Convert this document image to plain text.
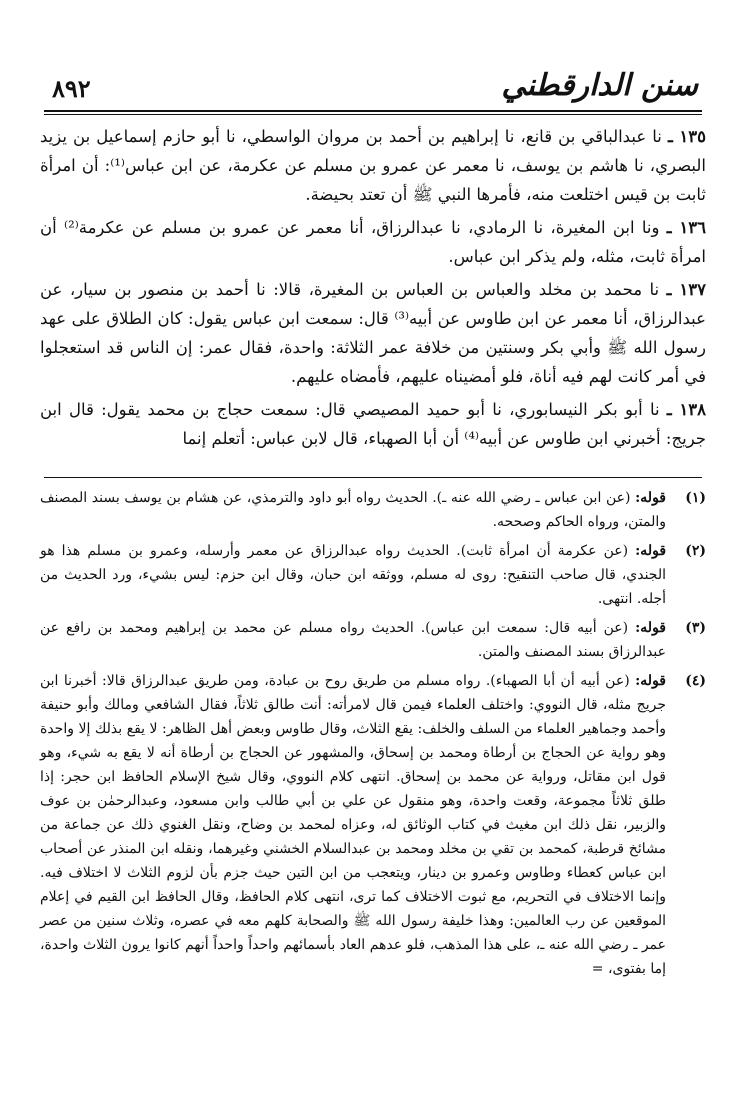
سنن الدارقطني
٨٩٢

١٣٥ ـ نا عبدالباقي بن قانع، نا إبراهيم بن أحمد بن مروان الواسطي، نا أبو حازم إسماعيل بن يزيد البصري، نا هاشم بن يوسف، نا معمر عن عمرو بن مسلم عن عكرمة، عن ابن عباس⁽¹⁾: أن امرأة ثابت بن قيس اختلعت منه، فأمرها النبي ﷺ أن تعتد بحيضة.

١٣٦ ـ ونا ابن المغيرة، نا الرمادي، نا عبدالرزاق، أنا معمر عن عمرو بن مسلم عن عكرمة⁽²⁾ أن امرأة ثابت، مثله، ولم يذكر ابن عباس.

١٣٧ ـ نا محمد بن مخلد والعباس بن العباس بن المغيرة، قالا: نا أحمد بن منصور بن سيار، عن عبدالرزاق، أنا معمر عن ابن طاوس عن أبيه⁽³⁾ قال: سمعت ابن عباس يقول: كان الطلاق على عهد رسول الله ﷺ وأبي بكر وسنتين من خلافة عمر الثلاثة: واحدة، فقال عمر: إن الناس قد استعجلوا في أمر كانت لهم فيه أناة، فلو أمضيناه عليهم، فأمضاه عليهم.

١٣٨ ـ نا أبو بكر النيسابوري، نا أبو حميد المصيصي قال: سمعت حجاج بن محمد يقول: قال ابن جريج: أخبرني ابن طاوس عن أبيه⁽⁴⁾ أن أبا الصهباء، قال لابن عباس: أتعلم إنما

(١)
قوله: (عن ابن عباس ـ رضي الله عنه ـ). الحديث رواه أبو داود والترمذي، عن هشام بن يوسف بسند المصنف والمتن، ورواه الحاكم وصححه.
(٢)
قوله: (عن عكرمة أن امرأة ثابت). الحديث رواه عبدالرزاق عن معمر وأرسله، وعمرو بن مسلم هذا هو الجندي، قال صاحب التنقيح: روى له مسلم، ووثقه ابن حبان، وقال ابن حزم: ليس بشيء، ورد الحديث من أجله. انتهى.
(٣)
قوله: (عن أبيه قال: سمعت ابن عباس). الحديث رواه مسلم عن محمد بن إبراهيم ومحمد بن رافع عن عبدالرزاق بسند المصنف والمتن.
(٤)
قوله: (عن أبيه أن أبا الصهباء). رواه مسلم من طريق روح بن عبادة، ومن طريق عبدالرزاق قالا: أخبرنا ابن جريج مثله، قال النووي: واختلف العلماء فيمن قال لامرأته: أنت طالق ثلاثاً، فقال الشافعي ومالك وأبو حنيفة وأحمد وجماهير العلماء من السلف والخلف: يقع الثلاث، وقال طاوس وبعض أهل الظاهر: لا يقع بذلك إلا واحدة وهو رواية عن الحجاج بن أرطاة ومحمد بن إسحاق، والمشهور عن الحجاج بن أرطاة أنه لا يقع به شيء، وهو قول ابن مقاتل، ورواية عن محمد بن إسحاق. انتهى كلام النووي، وقال شيخ الإسلام الحافظ ابن حجر: إذا طلق ثلاثاً مجموعة، وقعت واحدة، وهو منقول عن علي بن أبي طالب وابن مسعود، وعبدالرحمٰن بن عوف والزبير، نقل ذلك ابن مغيث في كتاب الوثائق له، وعزاه لمحمد بن وضاح، ونقل الغنوي ذلك عن جماعة من مشائخ قرطبة، كمحمد بن تقي بن مخلد ومحمد بن عبدالسلام الخشني وغيرهما، ونقله ابن المنذر عن أصحاب ابن عباس كعطاء وطاوس وعمرو بن دينار، ويتعجب من ابن التين حيث جزم بأن لزوم الثلاث لا اختلاف فيه. وإنما الاختلاف في التحريم، مع ثبوت الاختلاف كما ترى، انتهى كلام الحافظ، وقال الحافظ ابن القيم في إعلام الموقعين عن رب العالمين: وهذا خليفة رسول الله ﷺ والصحابة كلهم معه في عصره، وثلاث سنين من عصر عمر ـ رضي الله عنه ـ، على هذا المذهب، فلو عدهم العاد بأسمائهم واحداً واحداً أنهم كانوا يرون الثلاث واحدة، إما بفتوى، =
